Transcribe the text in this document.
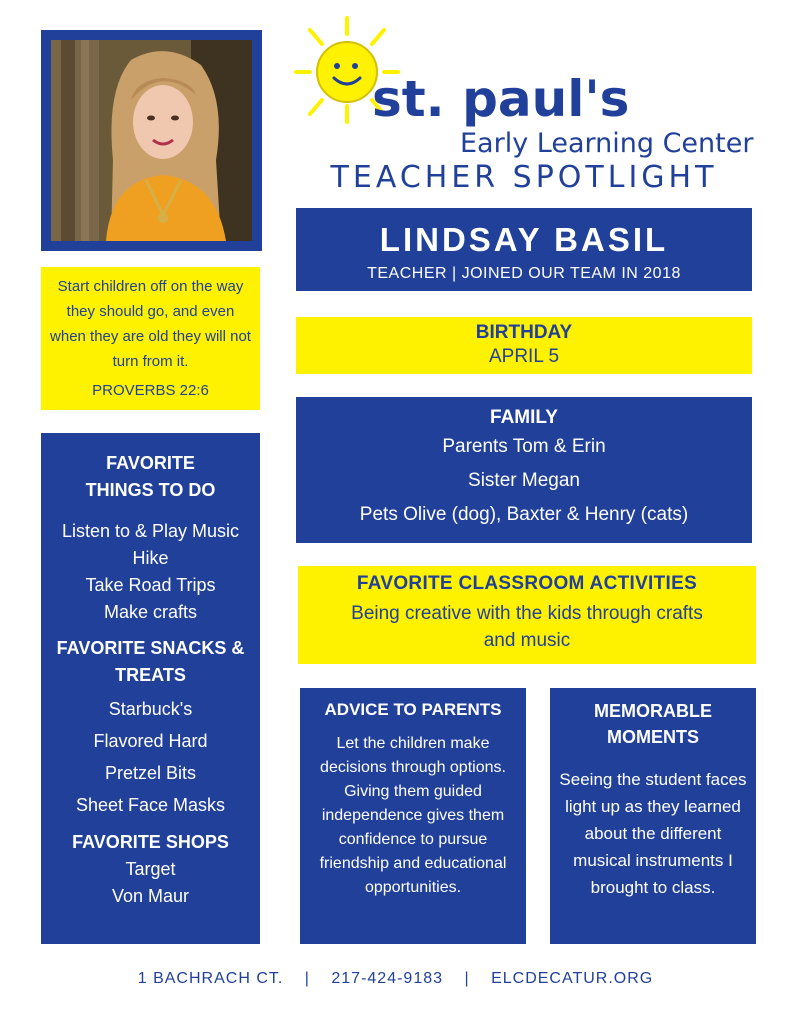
st. paul's
Early Learning Center
TEACHER SPOTLIGHT
LINDSAY BASIL
TEACHER | JOINED OUR TEAM IN 2018
BIRTHDAY
APRIL 5
FAMILY
Parents Tom & Erin
Sister Megan
Pets Olive (dog), Baxter & Henry (cats)
FAVORITE CLASSROOM ACTIVITIES
Being creative with the kids through crafts and music
ADVICE TO PARENTS
Let the children make decisions through options. Giving them guided independence gives them confidence to pursue friendship and educational opportunities.
MEMORABLE MOMENTS
Seeing the student faces light up as they learned about the different musical instruments I brought to class.
Start children off on the way they should go, and even when they are old they will not turn from it.
PROVERBS 22:6
FAVORITE THINGS TO DO
Listen to & Play Music
Hike
Take Road Trips
Make crafts
FAVORITE SNACKS & TREATS
Starbuck's
Flavored Hard
Pretzel Bits
Sheet Face Masks
FAVORITE SHOPS
Target
Von Maur
1 BACHRACH CT. | 217-424-9183 | ELCDECATUR.ORG
